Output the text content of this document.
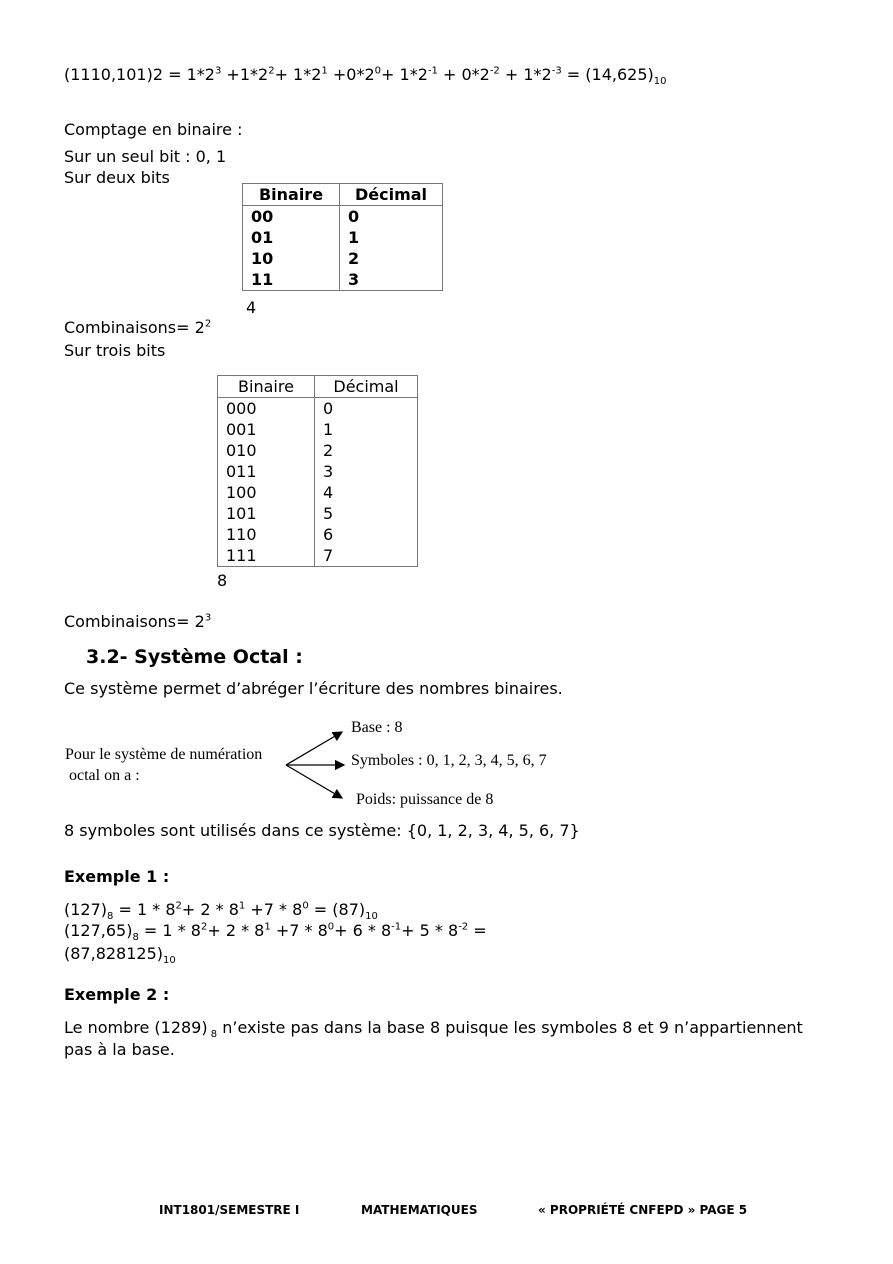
$(1110,101)2 = 1*2^3 +1*2^2+ 1*2^1 +0*2^0+ 1*2^{-1} + 0*2^{-2} + 1*2^{-3} = (14,625)_{10}$
Comptage en binaire :
Sur un seul bit : 0, 1
Sur deux bits
Binaire	Décimal
00	0
01	1
10	2
11	3
4
Combinaisons= $2^2$
Sur trois bits
Binaire	Décimal
000	0
001	1
010	2
011	3
100	4
101	5
110	6
111	7
8
Combinaisons= $2^3$
3.2- Système Octal :
Ce système permet d’abréger l’écriture des nombres binaires.
Pour le système de numération
octal on a :
Base : 8
Symboles : 0, 1, 2, 3, 4, 5, 6, 7
Poids: puissance de 8
8 symboles sont utilisés dans ce système: {0, 1, 2, 3, 4, 5, 6, 7}
Exemple 1 :
$(127)_8 = 1 * 8^2+ 2 * 8^1 +7 * 8^0 = (87)_{10}$
$(127,65)_8 = 1 * 8^2+ 2 * 8^1 +7 * 8^0+ 6 * 8^{-1}+ 5 * 8^{-2}$ =
$(87,828125)_{10}$
Exemple 2 :
Le nombre (1289) $_8$ n’existe pas dans la base 8 puisque les symboles 8 et 9 n’appartiennent
pas à la base.
INT1801/SEMESTRE I	MATHEMATIQUES	« PROPRIÉTÉ CNFEPD » PAGE 5
